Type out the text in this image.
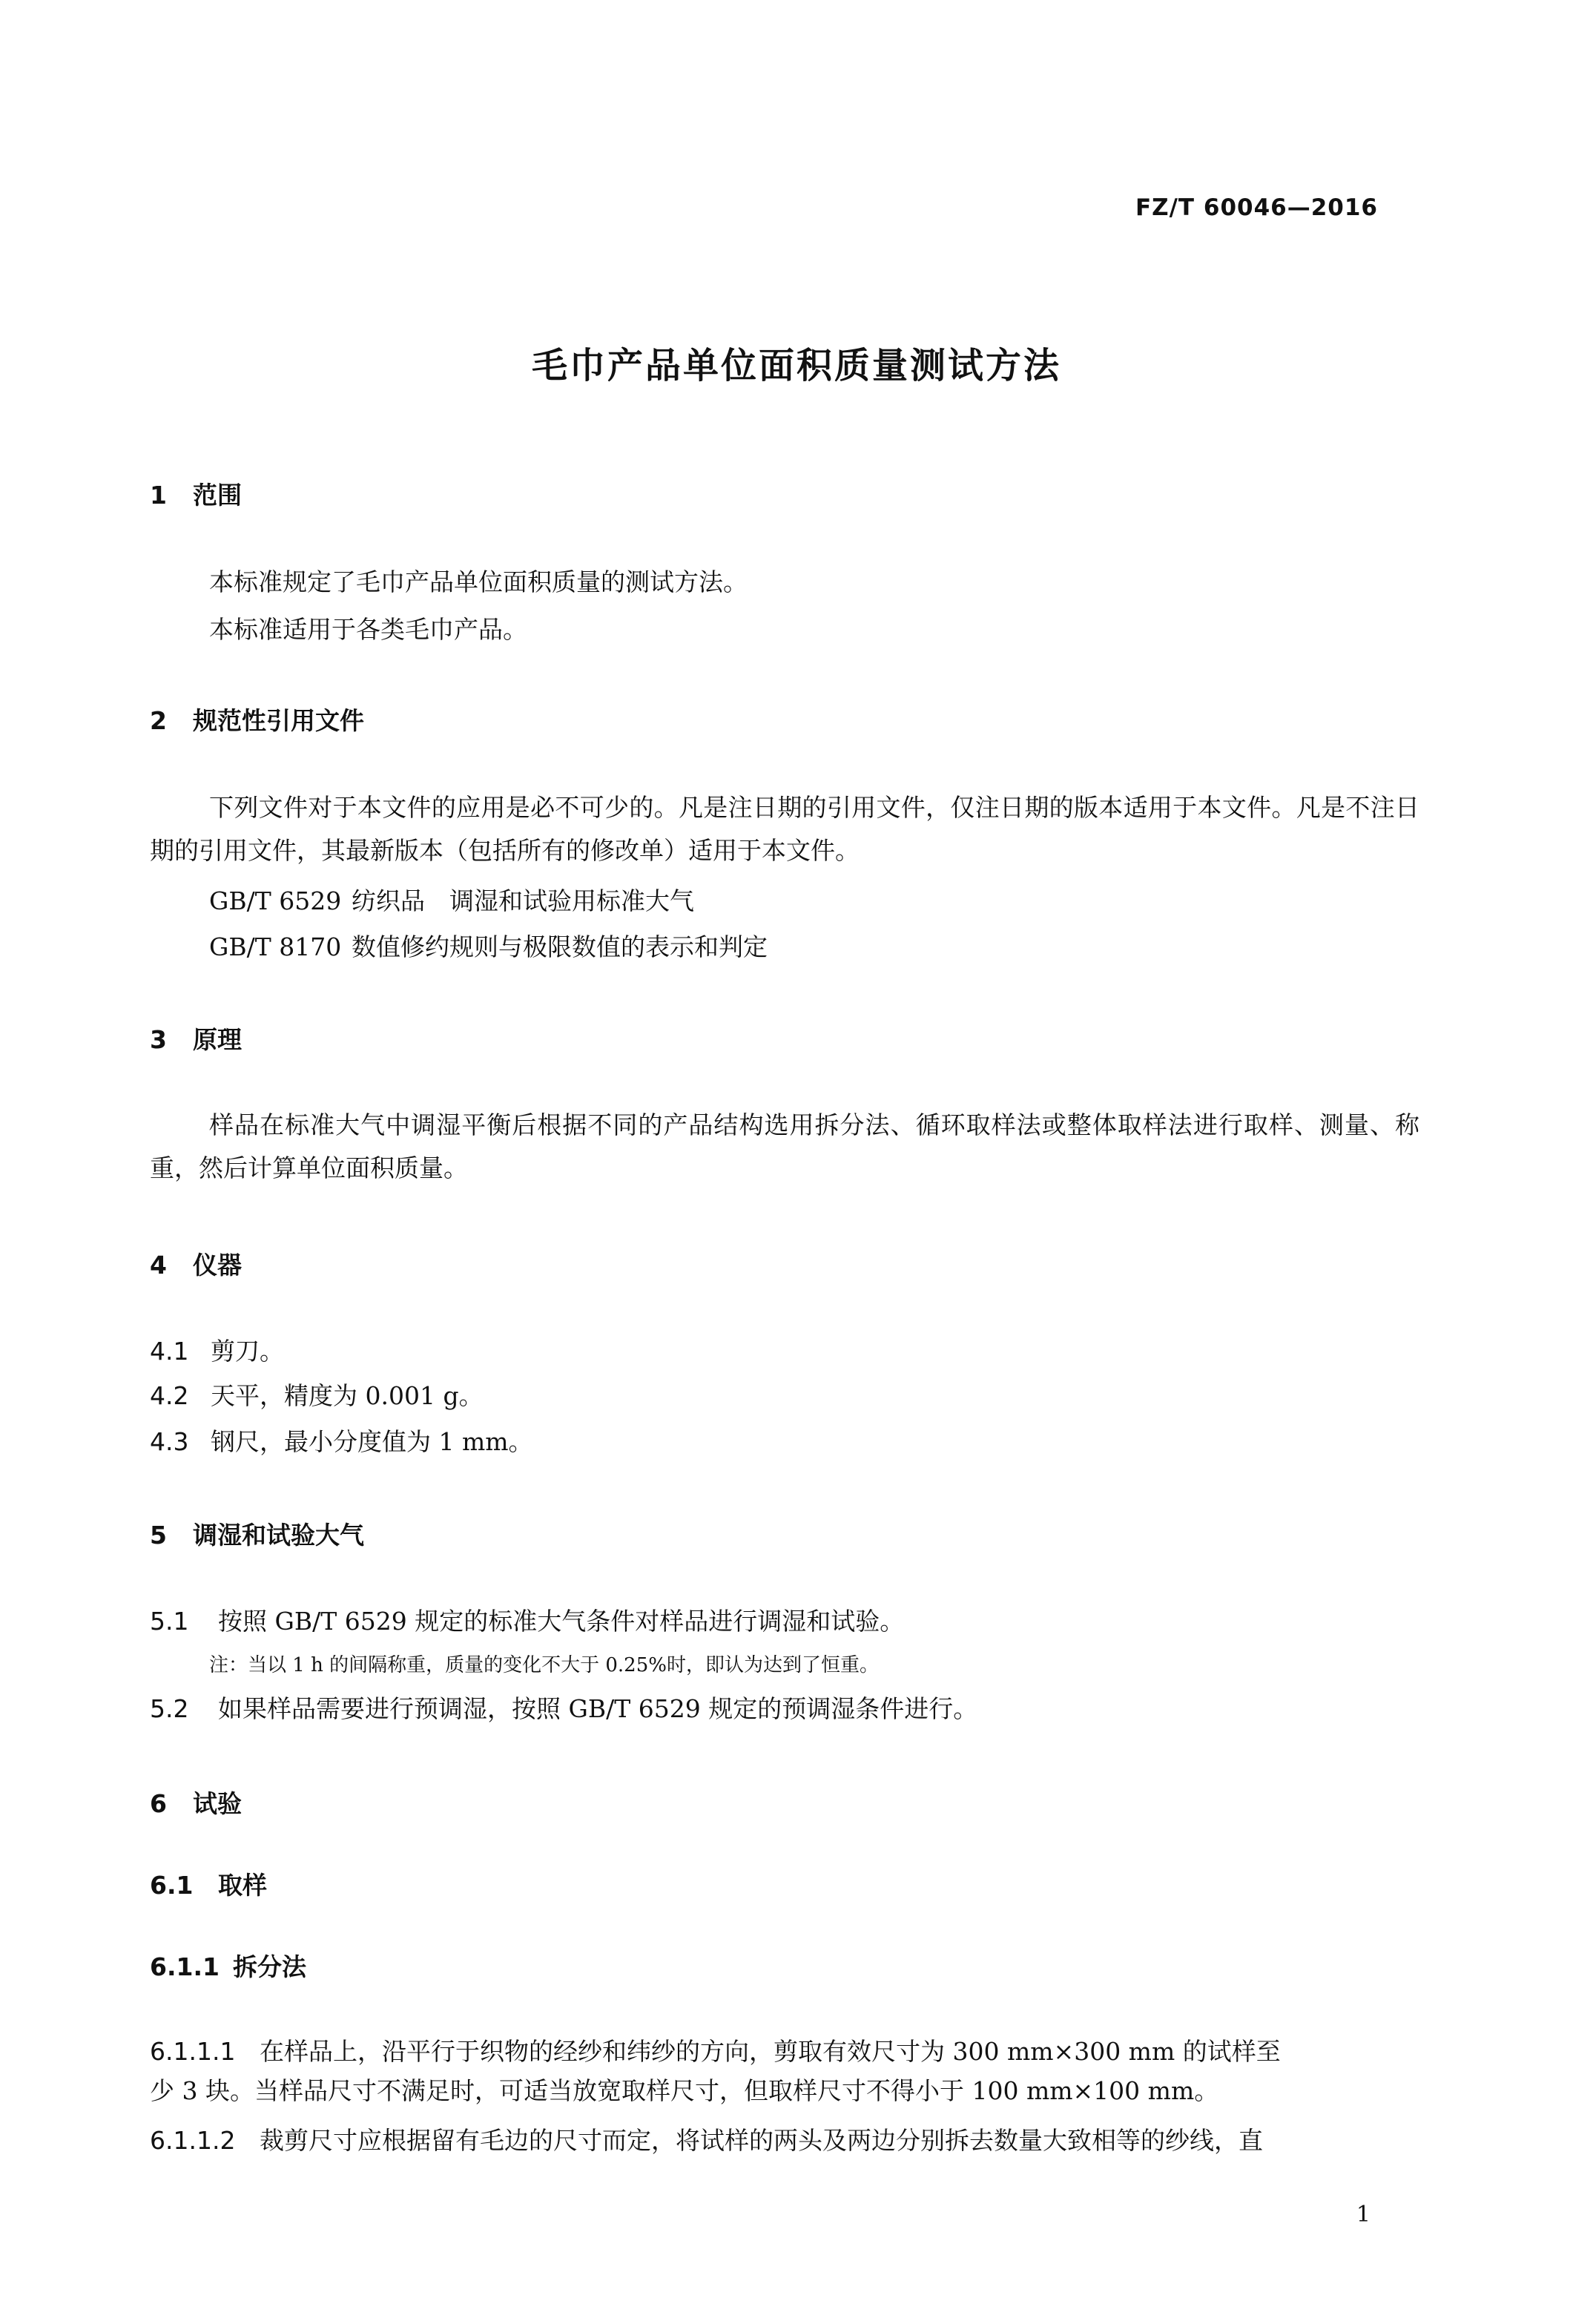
FZ/T 60046—2016
毛巾产品单位面积质量测试方法
1 范围
本标准规定了毛巾产品单位面积质量的测试方法。
本标准适用于各类毛巾产品。
2 规范性引用文件
下列文件对于本文件的应用是必不可少的。凡是注日期的引用文件，仅注日期的版本适用于本文件。凡是不注日期的引用文件，其最新版本（包括所有的修改单）适用于本文件。
GB/T 6529 纺织品　调湿和试验用标准大气
GB/T 8170 数值修约规则与极限数值的表示和判定
3 原理
样品在标准大气中调湿平衡后根据不同的产品结构选用拆分法、循环取样法或整体取样法进行取样、测量、称重，然后计算单位面积质量。
4 仪器
4.1 剪刀。
4.2 天平，精度为 0.001 g。
4.3 钢尺，最小分度值为 1 mm。
5 调湿和试验大气
5.1 按照 GB/T 6529 规定的标准大气条件对样品进行调湿和试验。
注：当以 1 h 的间隔称重，质量的变化不大于 0.25%时，即认为达到了恒重。
5.2 如果样品需要进行预调湿，按照 GB/T 6529 规定的预调湿条件进行。
6 试验
6.1 取样
6.1.1 拆分法
6.1.1.1 在样品上，沿平行于织物的经纱和纬纱的方向，剪取有效尺寸为 300 mm×300 mm 的试样至
少 3 块。当样品尺寸不满足时，可适当放宽取样尺寸，但取样尺寸不得小于 100 mm×100 mm。
6.1.1.2 裁剪尺寸应根据留有毛边的尺寸而定，将试样的两头及两边分别拆去数量大致相等的纱线，直
1
